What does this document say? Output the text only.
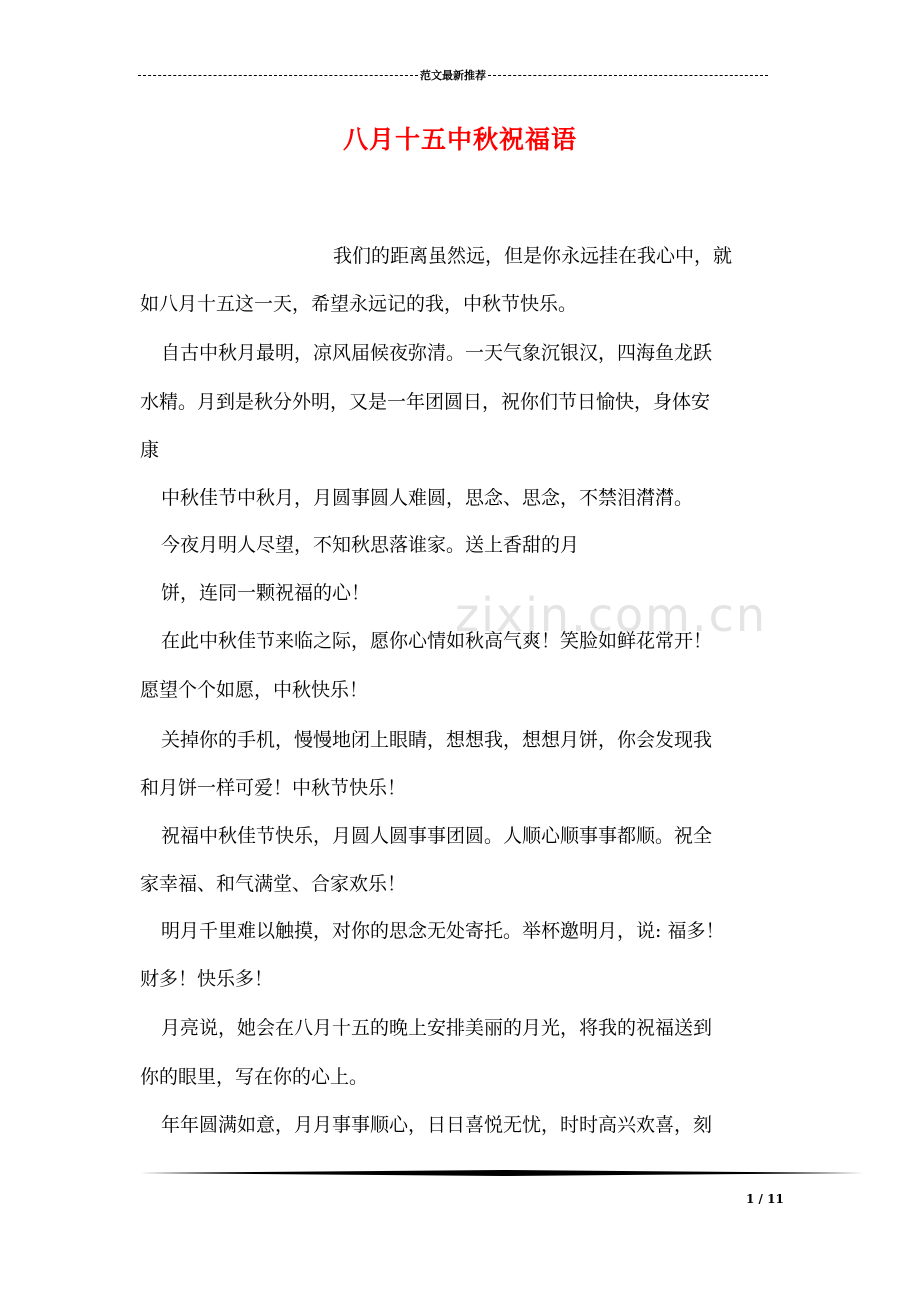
范文最新推荐
八月十五中秋祝福语
zixin.com.cn

我们的距离虽然远，但是你永远挂在我心中，就

如八月十五这一天，希望永远记的我，中秋节快乐。

自古中秋月最明，凉风届候夜弥清。一天气象沉银汉，四海鱼龙跃

水精。月到是秋分外明，又是一年团圆日，祝你们节日愉快，身体安

康

中秋佳节中秋月，月圆事圆人难圆，思念、思念，不禁泪潸潸。

今夜月明人尽望，不知秋思落谁家。送上香甜的月

饼，连同一颗祝福的心！

在此中秋佳节来临之际，愿你心情如秋高气爽！笑脸如鲜花常开！

愿望个个如愿，中秋快乐！

关掉你的手机，慢慢地闭上眼睛，想想我，想想月饼，你会发现我

和月饼一样可爱！中秋节快乐！

祝福中秋佳节快乐，月圆人圆事事团圆。人顺心顺事事都顺。祝全

家幸福、和气满堂、合家欢乐！

明月千里难以触摸，对你的思念无处寄托。举杯邀明月，说: 福多！

财多！快乐多！

月亮说，她会在八月十五的晚上安排美丽的月光，将我的祝福送到

你的眼里，写在你的心上。

年年圆满如意，月月事事顺心，日日喜悦无忧，时时高兴欢喜，刻

1 / 11
